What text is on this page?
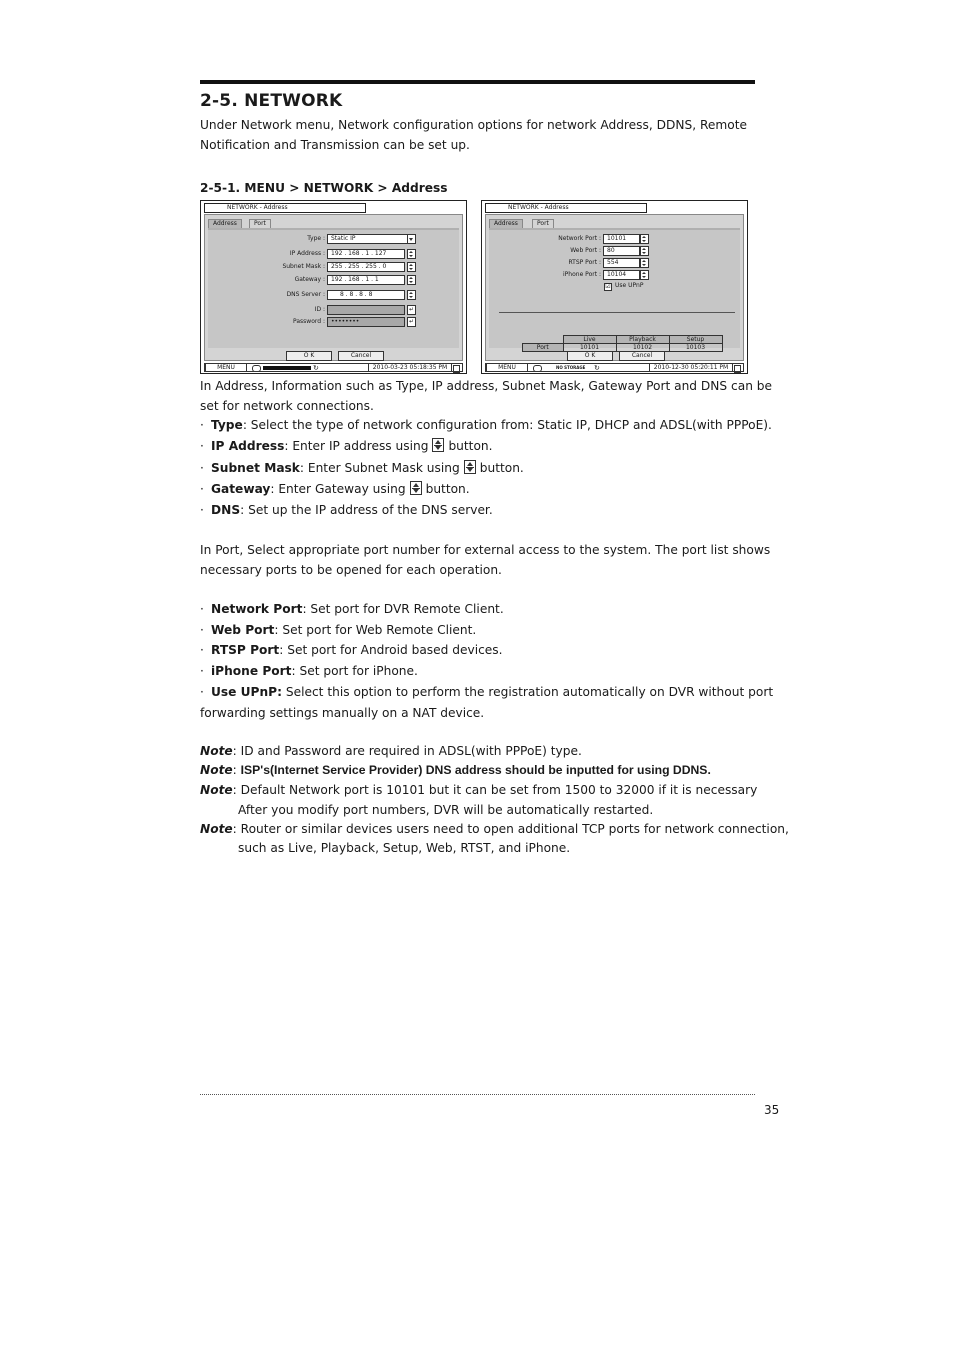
2-5. NETWORK

Under Network menu, Network configuration options for network Address, DDNS, Remote Notification and Transmission can be set up.

2-5-1. MENU > NETWORK > Address
NETWORK - Address
Address	Port
Type :	Static IP
IP Address :	192 . 168 . 1 . 127
Subnet Mask :	255 . 255 . 255 . 0
Gateway :	192 . 168 . 1 . 1
DNS Server :	8 . 8 . 8 . 8
ID :	↵
Password :	••••••••	↵
O K	Cancel
MENU	↻	2010-03-23 05:18:35 PM
NETWORK - Address
Address	Port
Network Port :	10101
Web Port :	80
RTSP Port :	554
iPhone Port :	10104
☑ Use UPnP
	Live	Playback	Setup
Port	10101	10102	10103
O K	Cancel
MENU	NO STORAGE ↻	2010-12-30 05:20:11 PM

In Address, Information such as Type, IP address, Subnet Mask, Gateway Port and DNS can be set for network connections.

· Type: Select the type of network configuration from: Static IP, DHCP and ADSL(with PPPoE).
· IP Address: Enter IP address using button.
· Subnet Mask: Enter Subnet Mask using button.
· Gateway: Enter Gateway using button.
· DNS: Set up the IP address of the DNS server.

In Port, Select appropriate port number for external access to the system. The port list shows necessary ports to be opened for each operation.

· Network Port: Set port for DVR Remote Client.
· Web Port: Set port for Web Remote Client.
· RTSP Port: Set port for Android based devices.
· iPhone Port: Set port for iPhone.
· Use UPnP: Select this option to perform the registration automatically on DVR without port
forwarding settings manually on a NAT device.
Note: ID and Password are required in ADSL(with PPPoE) type.
Note: ISP's(Internet Service Provider) DNS address should be inputted for using DDNS.
Note: Default Network port is 10101 but it can be set from 1500 to 32000 if it is necessary
After you modify port numbers, DVR will be automatically restarted.
Note: Router or similar devices users need to open additional TCP ports for network connection,
such as Live, Playback, Setup, Web, RTST, and iPhone.
35
